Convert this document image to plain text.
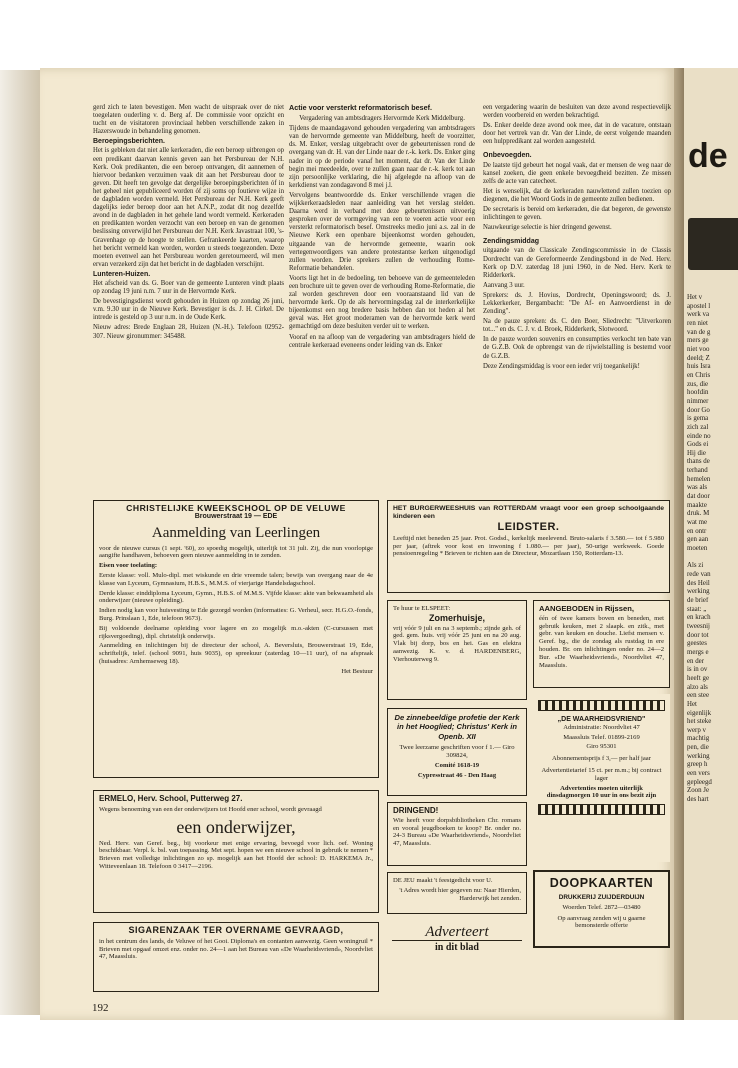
de
Het v
apostel l
werk va
ren niet
van de g
mers ge
niet voo
deeld; Z
huis Isra
en Chris
zus, die
hoofdin
nimmer
door Go
is gema
zich zal
einde no
Gods ei
Hij die
thans de
terhand
hemelen
was als
dat door
maakte
druk. M
wat me
en ontr
gen aan
moeten

Als zi
rede van
des Heil
werking
de brief
staat: „
en krach
tweesnij
door tot
geestes
mergs e
en der
is in ov
heeft ge
alzo als
een stee
Het
eigenlijk
het steke
werp v
machtig
pen, die
werking
greep h
een vers
gepleegd
Zoon Je
des hart

gerd zich te laten bevestigen. Men wacht de uitspraak over de niet toegelaten ouderling v. d. Berg af. De commissie voor opzicht en tucht en de visitatoren provinciaal hebben verschillende zaken in Hazerswoude in behandeling genomen.

Beroepingsberichten.

Het is gebleken dat niet alle kerkeraden, die een beroep uitbrengen op een predikant daarvan kennis geven aan het Persbureau der N.H. Kerk. Ook predikanten, die een beroep ontvangen, dit aannemen of hiervoor bedanken verzuimen vaak dit aan het Persbureau door te geven. Dit heeft ten gevolge dat dergelijke beroepingsberichten óf in het geheel niet gepubliceerd worden óf zij soms op foutieve wijze in de dagbladen worden vermeld. Het Persbureau der N.H. Kerk geeft dagelijks ieder beroep door aan het A.N.P., zodat dit nog dezelfde avond in de dagbladen in het gehele land wordt vermeld. Kerkeraden en predikanten worden verzocht van een beroep en van de genomen beslissing onverwijld het Persbureau der N.H. Kerk Javastraat 100, 's-Gravenhage op de hoogte te stellen. Gefrankeerde kaarten, waarop het bericht vermeld kan worden, worden u steeds toegezonden. Deze moeten evenwel aan het Persbureau worden geretourneerd, wil men ervan verzekerd zijn dat het bericht in de dagbladen verschijnt.

Lunteren-Huizen.

Het afscheid van ds. G. Boer van de gemeente Lunteren vindt plaats op zondag 19 juni n.m. 7 uur in de Hervormde Kerk.

De bevestigingsdienst wordt gehouden in Huizen op zondag 26 juni, v.m. 9.30 uur in de Nieuwe Kerk. Bevestiger is ds. J. H. Cirkel. De intrede is gesteld op 3 uur n.m. in de Oude Kerk.

Nieuw adres: Brede Englaan 28, Huizen (N.-H.). Telefoon 02952-307. Nieuw gironummer: 345488.

Actie voor versterkt reformatorisch besef.

Vergadering van ambtsdragers Hervormde Kerk Middelburg.

Tijdens de maandagavond gehouden vergadering van ambtsdragers van de hervormde gemeente van Middelburg, heeft de voorzitter, ds. M. Enker, verslag uitgebracht over de gebeurtenissen rond de overgang van dr. H. van der Linde naar de r.-k. kerk. Ds. Enker ging nader in op de periode vanaf het moment, dat dr. Van der Linde begin mei meedeelde, over te zullen gaan naar de r.-k. kerk tot aan zijn persoonlijke verklaring, die hij afgelegde na afloop van de kerkdienst van zondagavond 8 mei j.l.

Vervolgens beantwoordde ds. Enker verschillende vragen die wijkkerkeraadsleden naar aanleiding van het verslag stelden. Daarna werd in verband met deze gebeurtenissen uitvoerig gesproken over de vormgeving van een te voeren actie voor een versterkt reformatorisch besef. Omstreeks medio juni a.s. zal in de Nieuwe Kerk een openbare bijeenkomst worden gehouden, uitgaande van de hervormde gemeente, waarin ook vertegenwoordigers van andere protestantse kerken uitgenodigd zullen worden. Drie sprekers zullen de verhouding Rome-Reformatie behandelen.

Voorts ligt het in de bedoeling, ten behoeve van de gemeenteleden een brochure uit te geven over de verhouding Rome-Reformatie, die zal worden geschreven door een vooraanstaand lid van de hervormde kerk. Op de als hervormingsdag zal de interkerkelijke bijeenkomst een nog bredere basis hebben dan tot heden al het geval was. Het groot moderamen van de hervormde kerk werd gemachtigd om deze besluiten verder uit te werken.

Vooraf en na afloop van de vergadering van ambtsdragers hield de centrale kerkeraad eveneens onder leiding van ds. Enker

een vergadering waarin de besluiten van deze avond respectievelijk werden voorbereid en werden bekrachtigd.

Ds. Enker deelde deze avond ook mee, dat in de vacature, ontstaan door het vertrek van dr. Van der Linde, de eerst volgende maanden een hulppredikant zal worden aangesteld.

Onbevoegden.

De laatste tijd gebeurt het nogal vaak, dat er mensen de weg naar de kansel zoeken, die geen enkele bevoegdheid bezitten. Ze missen zelfs de acte van catecheet.

Het is wenselijk, dat de kerkeraden nauwlettend zullen toezien op diegenen, die het Woord Gods in de gemeente zullen bedienen.

De secretaris is bereid om kerkeraden, die dat begeren, de gewenste inlichtingen te geven.

Nauwkeurige selectie is hier dringend gewenst.

Zendingsmiddag

uitgaande van de Classicale Zendingscommissie in de Classis Dordrecht van de Gereformeerde Zendingsbond in de Ned. Herv. Kerk op D.V. zaterdag 18 juni 1960, in de Ned. Herv. Kerk te Ridderkerk.

Aanvang 3 uur.

Sprekers: ds. J. Hovius, Dordrecht, Openingswoord; ds. J. Lekkerkerker, Bergambacht: "De Af- en Aanvoerdienst in de Zending".

Na de pauze spreken: ds. C. den Boer, Sliedrecht: "Uitverkoren tot..." en ds. C. J. v. d. Broek, Ridderkerk, Slotwoord.

In de pauze worden souvenirs en consumpties verkocht ten bate van de G.Z.B. Ook de opbrengst van de rijwielstalling is bestemd voor de G.Z.B.

Deze Zendingsmiddag is voor een ieder vrij toegankelijk!

CHRISTELIJKE KWEEKSCHOOL OP DE VELUWE
Brouwerstraat 19 — EDE
Aanmelding van Leerlingen

voor de nieuwe cursus (1 sept. '60), zo spoedig mogelijk, uiterlijk tot 31 juli. Zij, die nun voorlopige aangifte handhaven, behoeven geen nieuwe aanmelding in te zenden.

Eisen voor toelating:

Eerste klasse: voll. Mulo-dipl. met wiskunde en drie vreemde talen; bewijs van overgang naar de 4e klasse van Lyceum, Gymnasium, H.B.S., M.M.S. of vierjarige Handelsdagschool.

Derde klasse: einddiploma Lyceum, Gymn., H.B.S. of M.M.S. Vijfde klasse: akte van bekwaamheid als onderwijzer (nieuwe opleiding).

Indien nodig kan voor huisvesting te Ede gezorgd worden (informaties: G. Verheul, secr. H.G.O.-fonds, Burg. Prinslaan 1, Ede, telefoon 9673).

Bij voldoende deelname opleiding voor lagere en zo mogelijk m.o.-akten (C-cursussen met rijksvergoeding), dipl. christelijk onderwijs.

Aanmelding en inlichtingen bij de directeur der school, A. Beversluis, Brouwerstraat 19, Ede, schriftelijk, telef. (school 9091, huis 9035), op spreekuur (zaterdag 10—11 uur), of na afspraak (huisadres: Arnhemseweg 18).

Het Bestuur

ERMELO, Herv. School, Putterweg 27.

Wegens benoeming van een der onderwijzers tot Hoofd ener school, wordt gevraagd

een onderwijzer,

Ned. Herv. van Geref. beg., bij voorkeur met enige ervaring, bevoegd voor lich. oef. Woning beschikbaar. Verpl. k. bsl. van toepassing. Met sept. hopen we een nieuwe school in gebruik te nemen * Brieven met volledige inlichtingen zo sp. mogelijk aan het Hoofd der school: D. HARKEMA Jr., Witteveenlaan 18. Telefoon 0 3417—2196.

SIGARENZAAK TER OVERNAME GEVRAAGD,

in het centrum des lands, de Veluwe of het Gooi. Diploma's en contanten aanwezig. Geen woningruil * Brieven met opgaaf omzet enz. onder no. 24—1 aan het Bureau van «De Waarheidsvriend», Noordvliet 47, Maassluis.

HET BURGERWEESHUIS van ROTTERDAM vraagt voor een groep schoolgaande kinderen een
LEIDSTER.

Leeftijd niet beneden 25 jaar. Prot. Godsd., kerkelijk meelevend. Bruto-salaris f 3.580.— tot f 5.980 per jaar, (aftrek voor kost en inwoning f 1.080.— per jaar), 50-urige werkweek. Goede pensioenregeling * Brieven te richten aan de Directeur, Mozartlaan 150, Rotterdam-13.

Te huur te ELSPEET:
Zomerhuisje,

vrij vóór 9 juli en na 3 septemb.; zijnde geh. of ged. gem. huis. vrij vóór 25 juni en na 20 aug. Vlak bij dorp, bos en hei. Gas en elektra aanwezig. K. v. d. HARDENBERG, Vierhouterweg 9.

De zinnebeeldige profetie der Kerk in het Hooglied; Christus' Kerk in Openb. XII

Twee leerzame geschriften voor f 1.— Giro 309824,

Comité 1618-19

Cypresstraat 46 - Den Haag

DRINGEND!

Wie heeft voor dorpsbibliotheken Chr. romans en vooral jeugdboeken te koop? Br. onder no. 24-3 Bureau «De Waarheidsvriend», Noordvliet 47, Maassluis.

DE JEU maakt 't feestgedicht voor U.

't Adres wordt hier gegeven nu: Naar Hierden, Harderwijk het zenden.

Adverteert
in dit blad
AANGEBODEN in Rijssen,

één of twee kamers boven en beneden, met gebruik keuken, met 2 slaapk. en zitk., met gebr. van keuken en douche. Liefst mensen v. Geref. bg., die de zondag als rustdag in ere houden. Br. om inlichtingen onder no. 24—2 Bur. «De Waarheidsvriend», Noordvliet 47, Maassluis.

„DE WAARHEIDSVRIEND"

Administratie: Noordvliet 47

Maassluis Telef. 01899-2169

Giro 95301

Abonnementsprijs f 3,— per half jaar

Advertentietarief 15 ct. per m.m.; bij contract lager

Advertenties moeten uiterlijk dinsdagmorgen 10 uur in ons bezit zijn

DOOPKAARTEN

DRUKKERIJ ZUIJDERDUIJN

Woerden Telef. 2872—03480

Op aanvraag zenden wij u gaarne bemonsterde offerte

192
